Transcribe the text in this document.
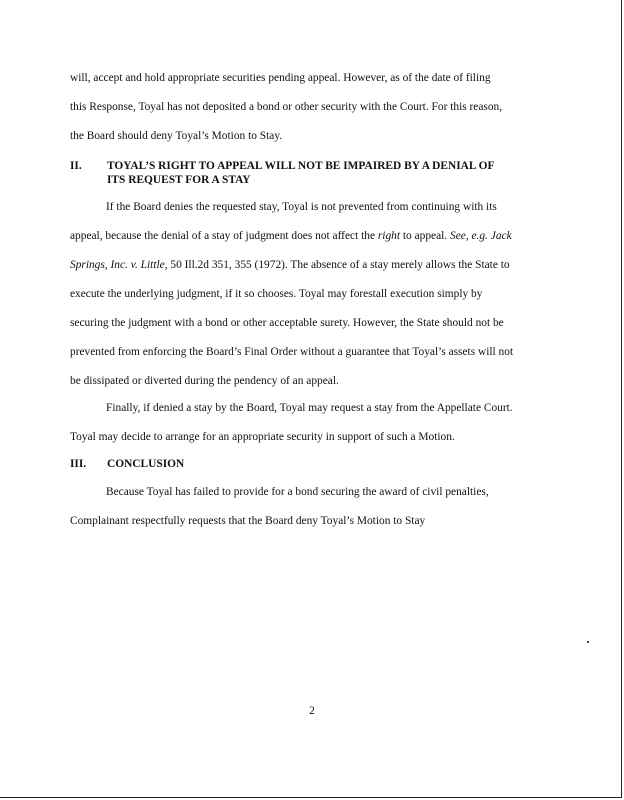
will, accept and hold appropriate securities pending appeal. However, as of the date of filing
this Response, Toyal has not deposited a bond or other security with the Court. For this reason,
the Board should deny Toyal’s Motion to Stay.
II. TOYAL’S RIGHT TO APPEAL WILL NOT BE IMPAIRED BY A DENIAL OF
ITS REQUEST FOR A STAY
If the Board denies the requested stay, Toyal is not prevented from continuing with its
appeal, because the denial of a stay of judgment does not affect the right to appeal. See, e.g. Jack
Springs, Inc. v. Little, 50 Ill.2d 351, 355 (1972). The absence of a stay merely allows the State to
execute the underlying judgment, if it so chooses. Toyal may forestall execution simply by
securing the judgment with a bond or other acceptable surety. However, the State should not be
prevented from enforcing the Board’s Final Order without a guarantee that Toyal’s assets will not
be dissipated or diverted during the pendency of an appeal.
Finally, if denied a stay by the Board, Toyal may request a stay from the Appellate Court.
Toyal may decide to arrange for an appropriate security in support of such a Motion.
III. CONCLUSION
Because Toyal has failed to provide for a bond securing the award of civil penalties,
Complainant respectfully requests that the Board deny Toyal’s Motion to Stay
2
